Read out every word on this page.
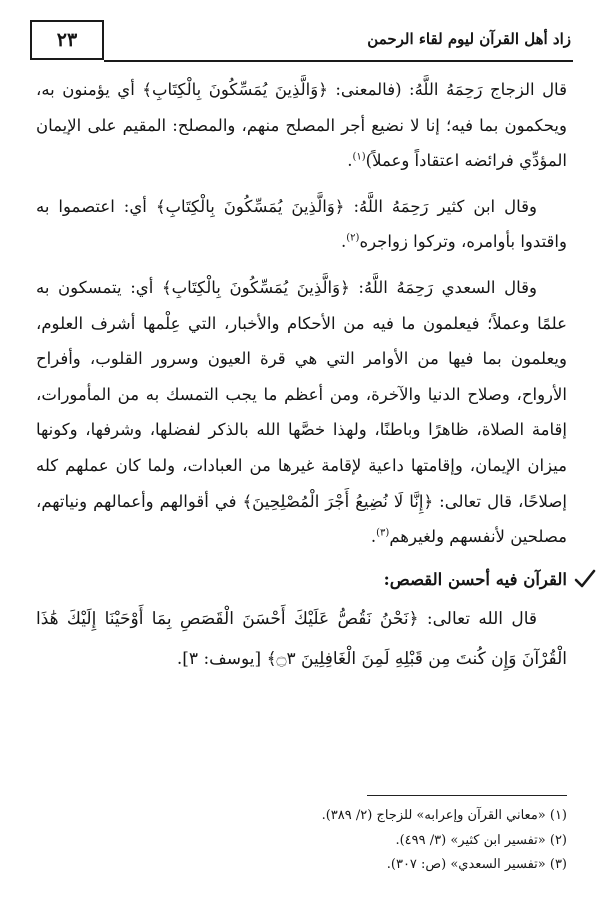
٢٣	زاد أهل القرآن ليوم لقاء الرحمن

قال الزجاج رَحِمَهُ اللَّهُ: (فالمعنى: ﴿وَالَّذِينَ يُمَسِّكُونَ بِالْكِتَابِ﴾ أي يؤمنون به، ويحكمون بما فيه؛ إنا لا نضيع أجر المصلح منهم، والمصلح: المقيم على الإيمان المؤدِّي فرائضه اعتقاداً وعملاً)$^{(١)}$.

وقال ابن كثير رَحِمَهُ اللَّهُ: ﴿وَالَّذِينَ يُمَسِّكُونَ بِالْكِتَابِ﴾ أي: اعتصموا به واقتدوا بأوامره، وتركوا زواجره$^{(٢)}$.

وقال السعدي رَحِمَهُ اللَّهُ: ﴿وَالَّذِينَ يُمَسِّكُونَ بِالْكِتَابِ﴾ أي: يتمسكون به علمًا وعملاً؛ فيعلمون ما فيه من الأحكام والأخبار، التي عِلْمها أشرف العلوم، ويعلمون بما فيها من الأوامر التي هي قرة العيون وسرور القلوب، وأفراح الأرواح، وصلاح الدنيا والآخرة، ومن أعظم ما يجب التمسك به من المأمورات، إقامة الصلاة، ظاهرًا وباطنًا، ولهذا خصَّها الله بالذكر لفضلها، وشرفها، وكونها ميزان الإيمان، وإقامتها داعية لإقامة غيرها من العبادات، ولما كان عملهم كله إصلاحًا، قال تعالى: ﴿إِنَّا لَا نُضِيعُ أَجْرَ الْمُصْلِحِينَ﴾ في أقوالهم وأعمالهم ونياتهم، مصلحين لأنفسهم ولغيرهم$^{(٣)}$.

القرآن فيه أحسن القصص:

قال الله تعالى: ﴿نَحْنُ نَقُصُّ عَلَيْكَ أَحْسَنَ الْقَصَصِ بِمَا أَوْحَيْنَا إِلَيْكَ هَٰذَا الْقُرْآنَ وَإِن كُنتَ مِن قَبْلِهِ لَمِنَ الْغَافِلِينَ ۝٣﴾ [يوسف: ٣].

(١) «معاني القرآن وإعرابه» للزجاج (٢/ ٣٨٩).
(٢) «تفسير ابن كثير» (٣/ ٤٩٩).
(٣) «تفسير السعدي» (ص: ٣٠٧).
